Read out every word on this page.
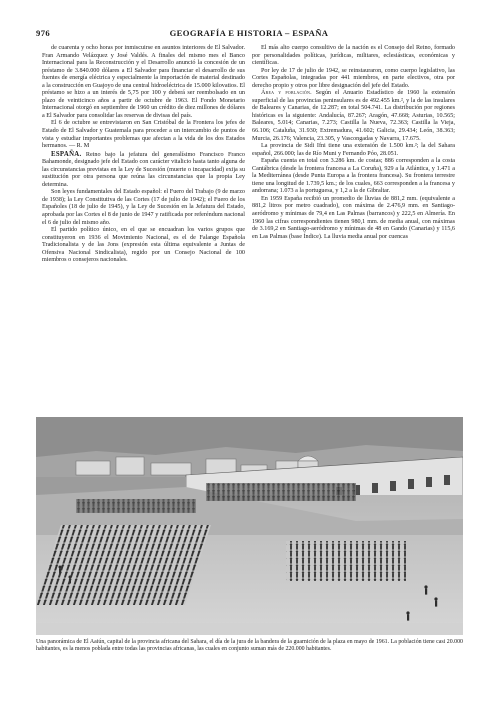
976	GEOGRAFÍA E HISTORIA – ESPAÑA

de cuarenta y ocho horas por inmiscuirse en asuntos interiores de El Salvador. Fran Armando Velázquez y José Valdés. A finales del mismo mes el Banco Internacional para la Reconstrucción y el Desarrollo anunció la concesión de un préstamo de 3.840.000 dólares a El Salvador para financiar el desarrollo de sus fuentes de energía eléctrica y especialmente la importación de material destinado a la construcción en Guajoyo de una central hidroeléctrica de 15.000 kilovatios. El préstamo se hizo a un interés de 5,75 por 100 y deberá ser reembolsado en un plazo de veinticinco años a partir de octubre de 1963. El Fondo Monetario Internacional otorgó en septiembre de 1960 un crédito de diez millones de dólares a El Salvador para consolidar las reservas de divisas del país.

El 6 de octubre se entrevistaron en San Cristóbal de la Frontera los jefes de Estado de El Salvador y Guatemala para proceder a un intercambio de puntos de vista y estudiar importantes problemas que afectan a la vida de los dos Estados hermanos. — R. M

ESPAÑA. Reino bajo la jefatura del generalísimo Francisco Franco Bahamonde, designado jefe del Estado con carácter vitalicio hasta tanto alguna de las circunstancias previstas en la Ley de Sucesión (muerte o incapacidad) exija su sustitución por otra persona que reúna las circunstancias que la propia Ley determina.

Son leyes fundamentales del Estado español: el Fuero del Trabajo (9 de marzo de 1938); la Ley Constitutiva de las Cortes (17 de julio de 1942); el Fuero de los Españoles (18 de julio de 1945), y la Ley de Sucesión en la Jefatura del Estado, aprobada por las Cortes el 8 de junio de 1947 y ratificada por referéndum nacional el 6 de julio del mismo año.

El partido político único, en el que se encuadran los varios grupos que constituyeron en 1936 el Movimiento Nacional, es el de Falange Española Tradicionalista y de las Jons (expresión esta última equivalente a Juntas de Ofensiva Nacional Sindicalista), regido por un Consejo Nacional de 100 miembros o consejeros nacionales.

El más alto cuerpo consultivo de la nación es el Consejo del Reino, formado por personalidades políticas, jurídicas, militares, eclesiásticas, económicas y científicas.

Por ley de 17 de julio de 1942, se reinstauraron, como cuerpo legislativo, las Cortes Españolas, integradas por 441 miembros, en parte electivos, otra por derecho propio y otros por libre designación del jefe del Estado.

Área y población. Según el Anuario Estadístico de 1960 la extensión superficial de las provincias peninsulares es de 492.455 km.², y la de las insulares de Baleares y Canarias, de 12.287; en total 504.741. La distribución por regiones históricas es la siguiente: Andalucía, 87.267; Aragón, 47.668; Asturias, 10.565; Baleares, 5.014; Canarias, 7.273; Castilla la Nueva, 72.363; Castilla la Vieja, 66.106; Cataluña, 31.930; Extremadura, 41.602; Galicia, 29.434; León, 38.363; Murcia, 26.176; Valencia, 23.305, y Vascongadas y Navarra, 17.675.

La provincia de Sidi Ifni tiene una extensión de 1.500 km.²; la del Sahara español, 266.000; las de Río Muni y Fernando Póo, 28.051.

España cuenta en total con 3.286 km. de costas; 886 corresponden a la costa Cantábrica (desde la frontera francesa a La Coruña), 929 a la Atlántica, y 1.471 a la Mediterránea (desde Punta Europa a la frontera francesa). Su frontera terrestre tiene una longitud de 1.739,5 km.; de los cuales, 663 corresponden a la francesa y andorrana; 1.073 a la portuguesa, y 1,2 a la de Gibraltar.

En 1959 España recibió un promedio de lluvias de 881,2 mm. (equivalente a 881,2 litros por metro cuadrado), con máxima de 2.476,9 mm. en Santiago-aeródromo y mínimas de 79,4 en Las Palmas (barrancos) y 222,5 en Almería. En 1960 las cifras correspondientes tienen 980,1 mm. de media anual, con máximas de 3.169,2 en Santiago-aeródromo y mínimas de 48 en Gando (Canarias) y 115,6 en Las Palmas (base Índice). La lluvia media anual por cuencas

Una panorámica de El Aaiún, capital de la provincia africana del Sahara, el día de la jura de la bandera de la guarnición de la plaza en mayo de 1961. La población tiene casi 20.000 habitantes, es la menos poblada entre todas las provincias africanas, las cuales en conjunto suman más de 220.000 habitantes.
